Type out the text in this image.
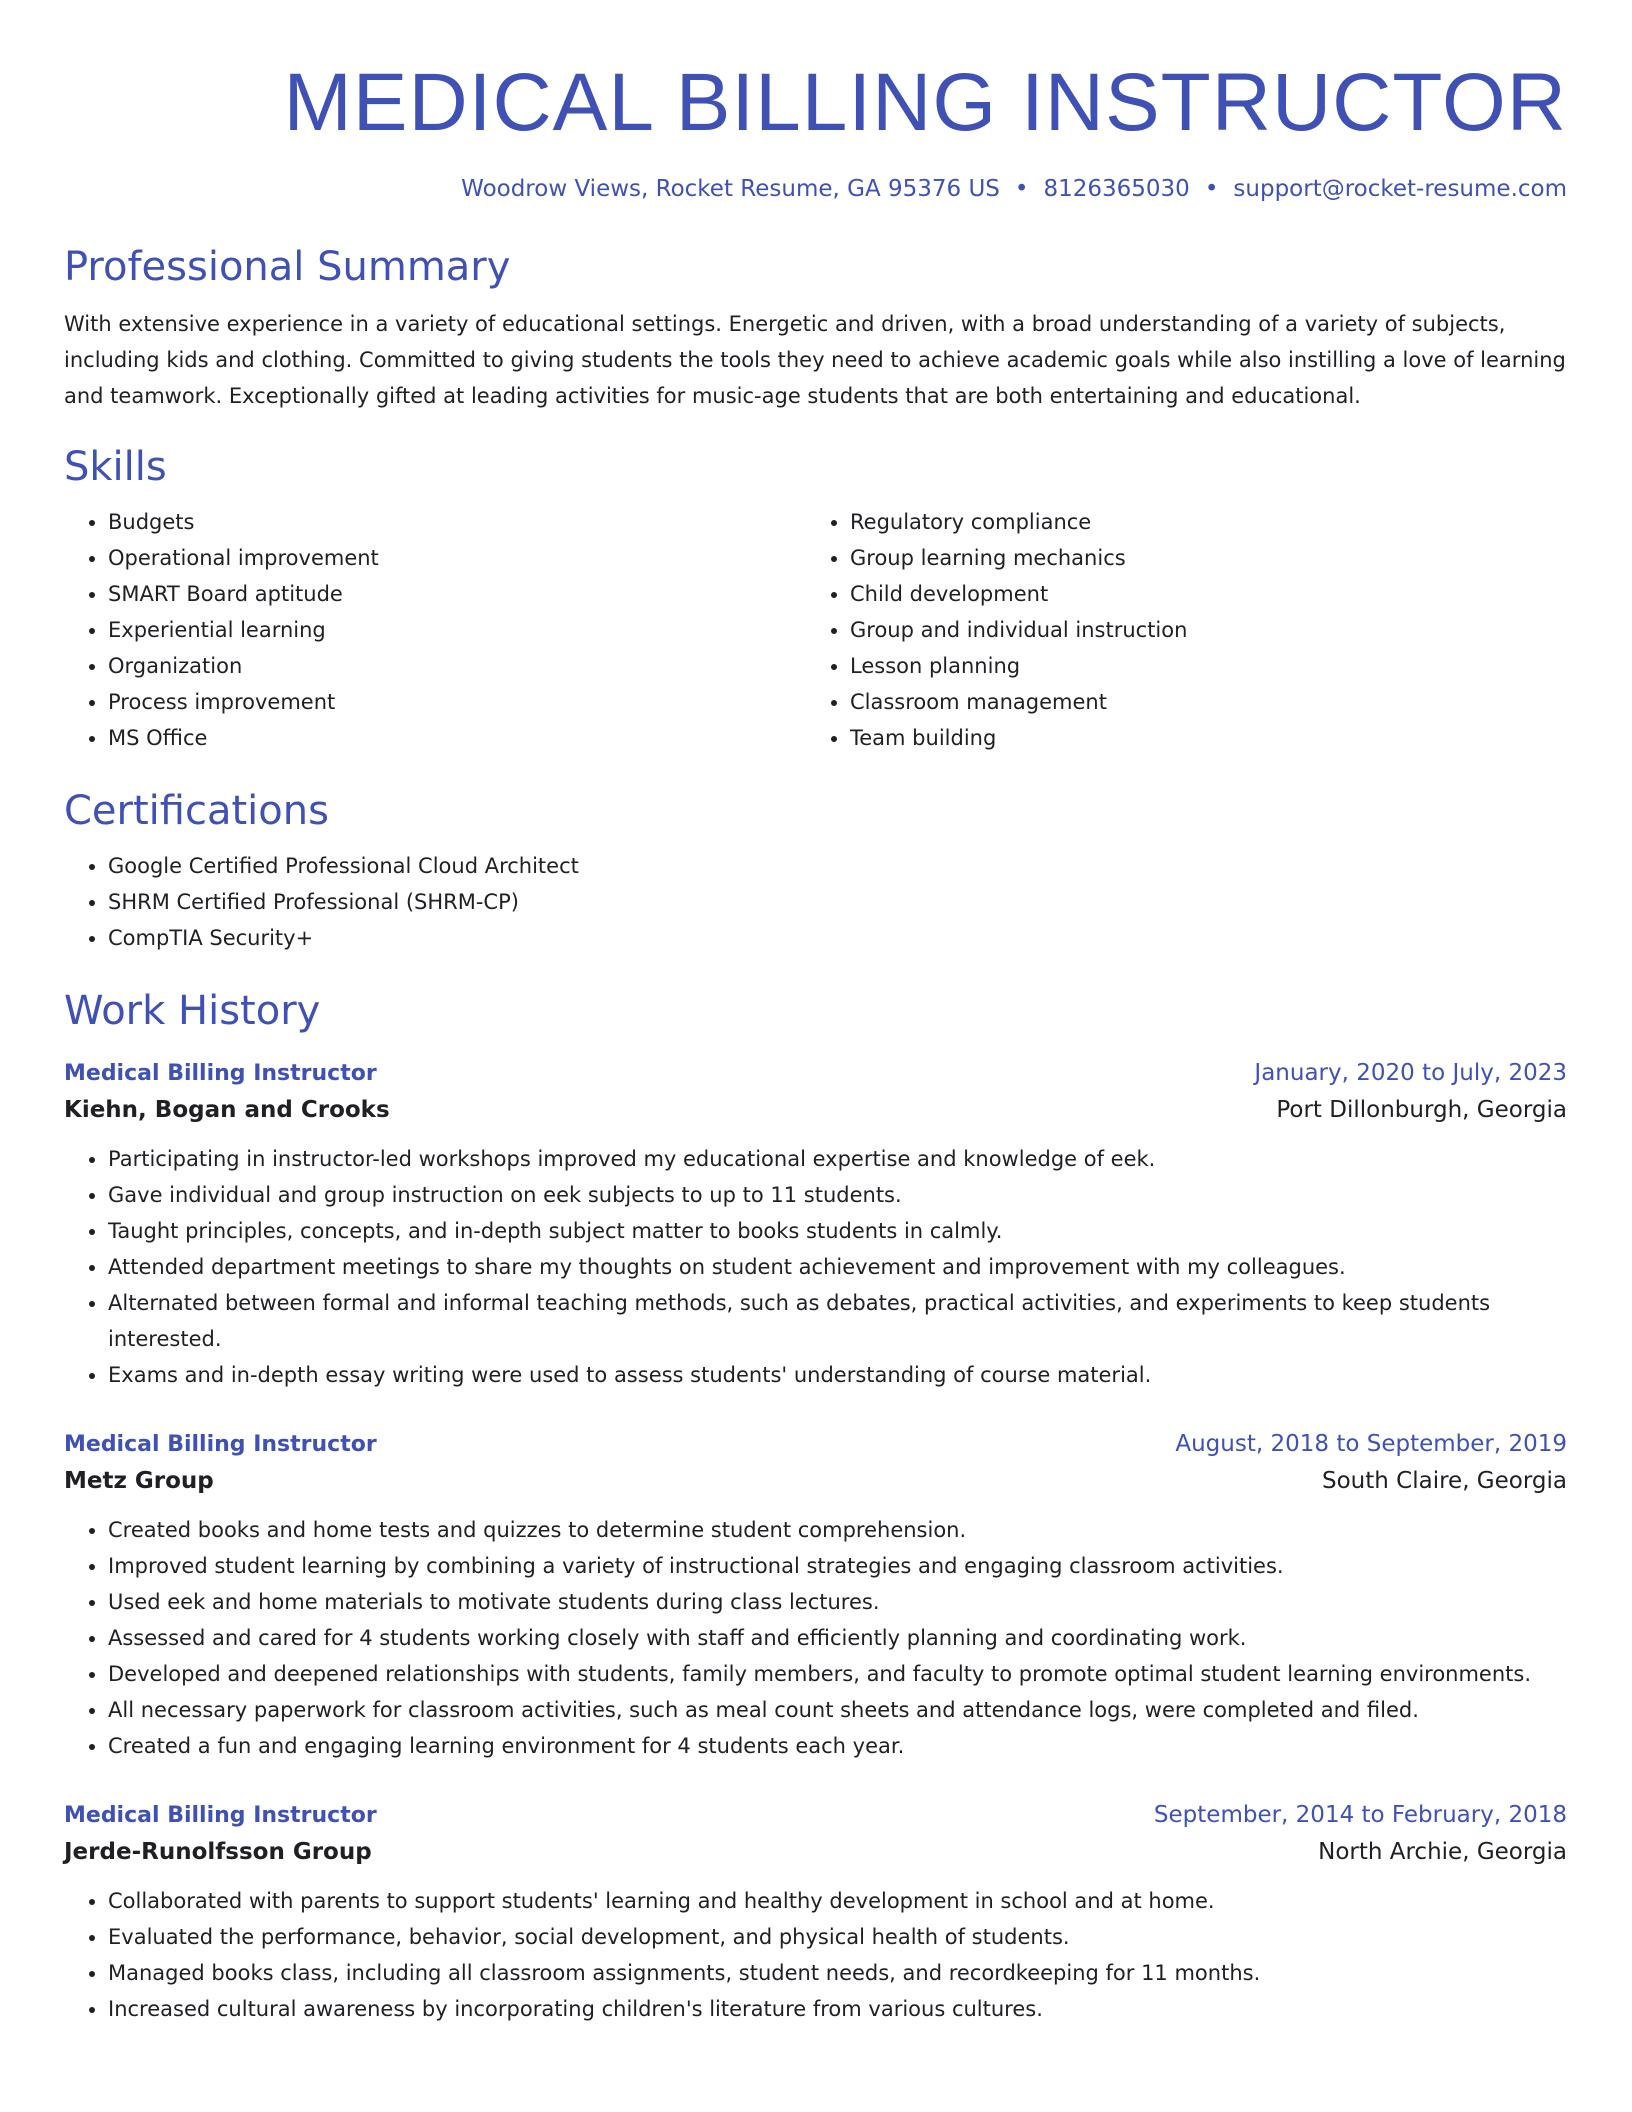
MEDICAL BILLING INSTRUCTOR
Woodrow Views, Rocket Resume, GA 95376 US • 8126365030 • support@rocket-resume.com
Professional Summary
With extensive experience in a variety of educational settings. Energetic and driven, with a broad understanding of a variety of subjects, including kids and clothing. Committed to giving students the tools they need to achieve academic goals while also instilling a love of learning and teamwork. Exceptionally gifted at leading activities for music-age students that are both entertaining and educational.
Skills
• Budgets
• Operational improvement
• SMART Board aptitude
• Experiential learning
• Organization
• Process improvement
• MS Office
• Regulatory compliance
• Group learning mechanics
• Child development
• Group and individual instruction
• Lesson planning
• Classroom management
• Team building
Certifications
• Google Certified Professional Cloud Architect
• SHRM Certified Professional (SHRM-CP)
• CompTIA Security+
Work History
Medical Billing Instructor	January, 2020 to July, 2023
Kiehn, Bogan and Crooks	Port Dillonburgh, Georgia
• Participating in instructor-led workshops improved my educational expertise and knowledge of eek.
• Gave individual and group instruction on eek subjects to up to 11 students.
• Taught principles, concepts, and in-depth subject matter to books students in calmly.
• Attended department meetings to share my thoughts on student achievement and improvement with my colleagues.
• Alternated between formal and informal teaching methods, such as debates, practical activities, and experiments to keep students interested.
• Exams and in-depth essay writing were used to assess students' understanding of course material.
Medical Billing Instructor	August, 2018 to September, 2019
Metz Group	South Claire, Georgia
• Created books and home tests and quizzes to determine student comprehension.
• Improved student learning by combining a variety of instructional strategies and engaging classroom activities.
• Used eek and home materials to motivate students during class lectures.
• Assessed and cared for 4 students working closely with staff and efficiently planning and coordinating work.
• Developed and deepened relationships with students, family members, and faculty to promote optimal student learning environments.
• All necessary paperwork for classroom activities, such as meal count sheets and attendance logs, were completed and filed.
• Created a fun and engaging learning environment for 4 students each year.
Medical Billing Instructor	September, 2014 to February, 2018
Jerde-Runolfsson Group	North Archie, Georgia
• Collaborated with parents to support students' learning and healthy development in school and at home.
• Evaluated the performance, behavior, social development, and physical health of students.
• Managed books class, including all classroom assignments, student needs, and recordkeeping for 11 months.
• Increased cultural awareness by incorporating children's literature from various cultures.
